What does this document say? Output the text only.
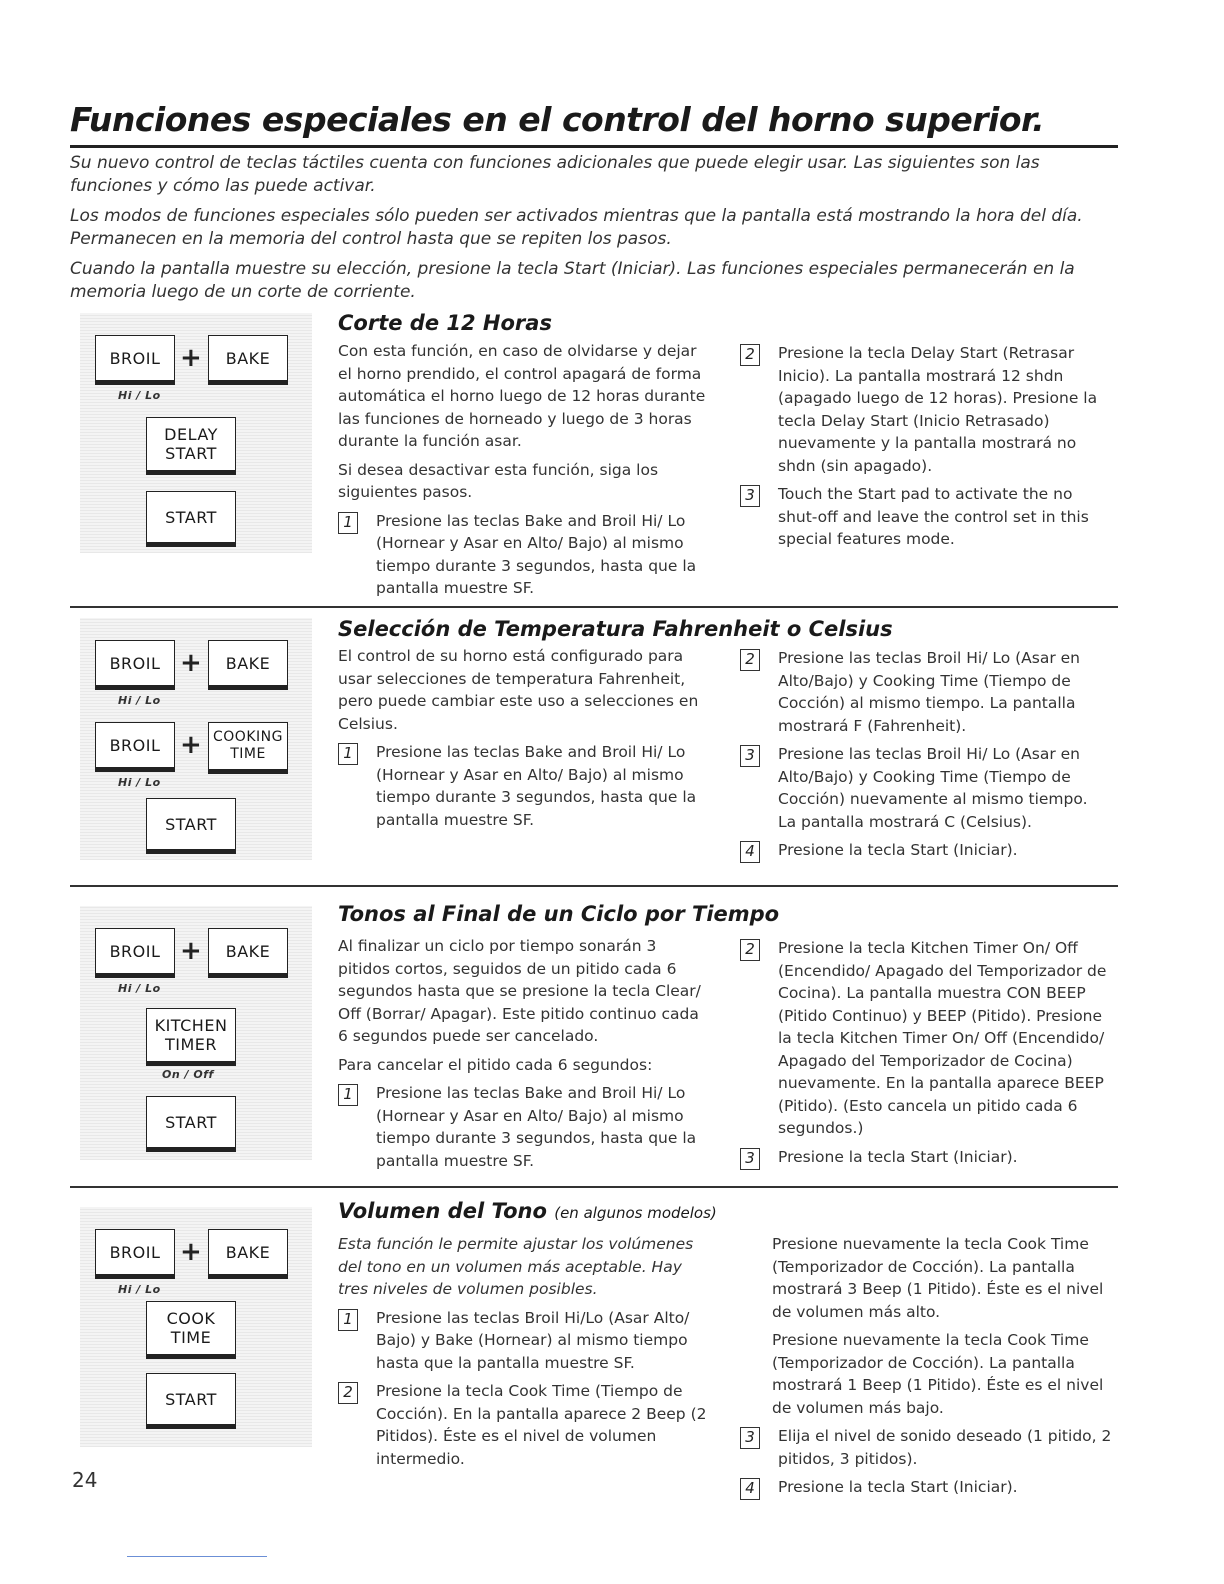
Funciones especiales en el control del horno superior.

Su nuevo control de teclas táctiles cuenta con funciones adicionales que puede elegir usar. Las siguientes son las funciones y cómo las puede activar.

Los modos de funciones especiales sólo pueden ser activados mientras que la pantalla está mostrando la hora del día. Permanecen en la memoria del control hasta que se repiten los pasos.

Cuando la pantalla muestre su elección, presione la tecla Start (Iniciar). Las funciones especiales permanecerán en la memoria luego de un corte de corriente.

BROIL + BAKE
Hi / Lo
DELAY
START
START
Corte de 12 Horas

Con esta función, en caso de olvidarse y dejar el horno prendido, el control apagará de forma automática el horno luego de 12 horas durante las funciones de horneado y luego de 3 horas durante la función asar.

Si desea desactivar esta función, siga los siguientes pasos.

1	Presione las teclas Bake and Broil Hi/ Lo (Hornear y Asar en Alto/ Bajo) al mismo tiempo durante 3 segundos, hasta que la pantalla muestre SF.
2	Presione la tecla Delay Start (Retrasar Inicio). La pantalla mostrará 12 shdn (apagado luego de 12 horas). Presione la tecla Delay Start (Inicio Retrasado) nuevamente y la pantalla mostrará no shdn (sin apagado).
3	Touch the Start pad to activate the no shut-off and leave the control set in this special features mode.
BROIL + BAKE
Hi / Lo
BROIL + COOKING
TIME
Hi / Lo
START
Selección de Temperatura Fahrenheit o Celsius

El control de su horno está configurado para usar selecciones de temperatura Fahrenheit, pero puede cambiar este uso a selecciones en Celsius.

1	Presione las teclas Bake and Broil Hi/ Lo (Hornear y Asar en Alto/ Bajo) al mismo tiempo durante 3 segundos, hasta que la pantalla muestre SF.
2	Presione las teclas Broil Hi/ Lo (Asar en Alto/Bajo) y Cooking Time (Tiempo de Cocción) al mismo tiempo. La pantalla mostrará F (Fahrenheit).
3	Presione las teclas Broil Hi/ Lo (Asar en Alto/Bajo) y Cooking Time (Tiempo de Cocción) nuevamente al mismo tiempo. La pantalla mostrará C (Celsius).
4	Presione la tecla Start (Iniciar).
BROIL + BAKE
Hi / Lo
KITCHEN
TIMER
On / Off
START
Tonos al Final de un Ciclo por Tiempo

Al finalizar un ciclo por tiempo sonarán 3 pitidos cortos, seguidos de un pitido cada 6 segundos hasta que se presione la tecla Clear/ Off (Borrar/ Apagar). Este pitido continuo cada 6 segundos puede ser cancelado.

Para cancelar el pitido cada 6 segundos:

1	Presione las teclas Bake and Broil Hi/ Lo (Hornear y Asar en Alto/ Bajo) al mismo tiempo durante 3 segundos, hasta que la pantalla muestre SF.
2	Presione la tecla Kitchen Timer On/ Off (Encendido/ Apagado del Temporizador de Cocina). La pantalla muestra CON BEEP (Pitido Continuo) y BEEP (Pitido). Presione la tecla Kitchen Timer On/ Off (Encendido/ Apagado del Temporizador de Cocina) nuevamente. En la pantalla aparece BEEP (Pitido). (Esto cancela un pitido cada 6 segundos.)
3	Presione la tecla Start (Iniciar).
BROIL + BAKE
Hi / Lo
COOK
TIME
START
Volumen del Tono (en algunos modelos)

Esta función le permite ajustar los volúmenes del tono en un volumen más aceptable. Hay tres niveles de volumen posibles.

1	Presione las teclas Broil Hi/Lo (Asar Alto/ Bajo) y Bake (Hornear) al mismo tiempo hasta que la pantalla muestre SF.
2	Presione la tecla Cook Time (Tiempo de Cocción). En la pantalla aparece 2 Beep (2 Pitidos). Éste es el nivel de volumen intermedio.

Presione nuevamente la tecla Cook Time (Temporizador de Cocción). La pantalla mostrará 3 Beep (1 Pitido). Éste es el nivel de volumen más alto.

Presione nuevamente la tecla Cook Time (Temporizador de Cocción). La pantalla mostrará 1 Beep (1 Pitido). Éste es el nivel de volumen más bajo.

3	Elija el nivel de sonido deseado (1 pitido, 2 pitidos, 3 pitidos).
4	Presione la tecla Start (Iniciar).
24
